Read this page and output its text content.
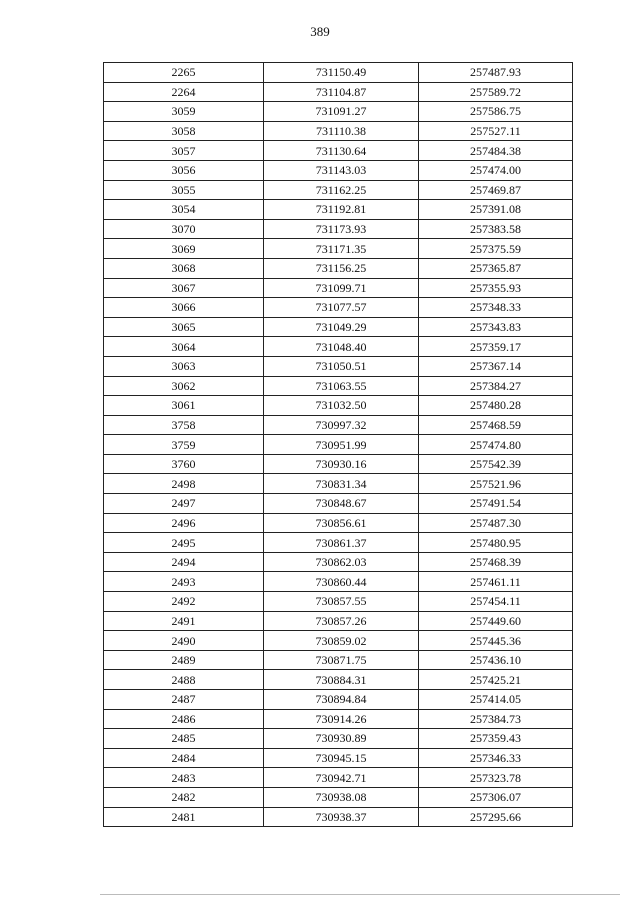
389
2265	731150.49	257487.93
2264	731104.87	257589.72
3059	731091.27	257586.75
3058	731110.38	257527.11
3057	731130.64	257484.38
3056	731143.03	257474.00
3055	731162.25	257469.87
3054	731192.81	257391.08
3070	731173.93	257383.58
3069	731171.35	257375.59
3068	731156.25	257365.87
3067	731099.71	257355.93
3066	731077.57	257348.33
3065	731049.29	257343.83
3064	731048.40	257359.17
3063	731050.51	257367.14
3062	731063.55	257384.27
3061	731032.50	257480.28
3758	730997.32	257468.59
3759	730951.99	257474.80
3760	730930.16	257542.39
2498	730831.34	257521.96
2497	730848.67	257491.54
2496	730856.61	257487.30
2495	730861.37	257480.95
2494	730862.03	257468.39
2493	730860.44	257461.11
2492	730857.55	257454.11
2491	730857.26	257449.60
2490	730859.02	257445.36
2489	730871.75	257436.10
2488	730884.31	257425.21
2487	730894.84	257414.05
2486	730914.26	257384.73
2485	730930.89	257359.43
2484	730945.15	257346.33
2483	730942.71	257323.78
2482	730938.08	257306.07
2481	730938.37	257295.66
